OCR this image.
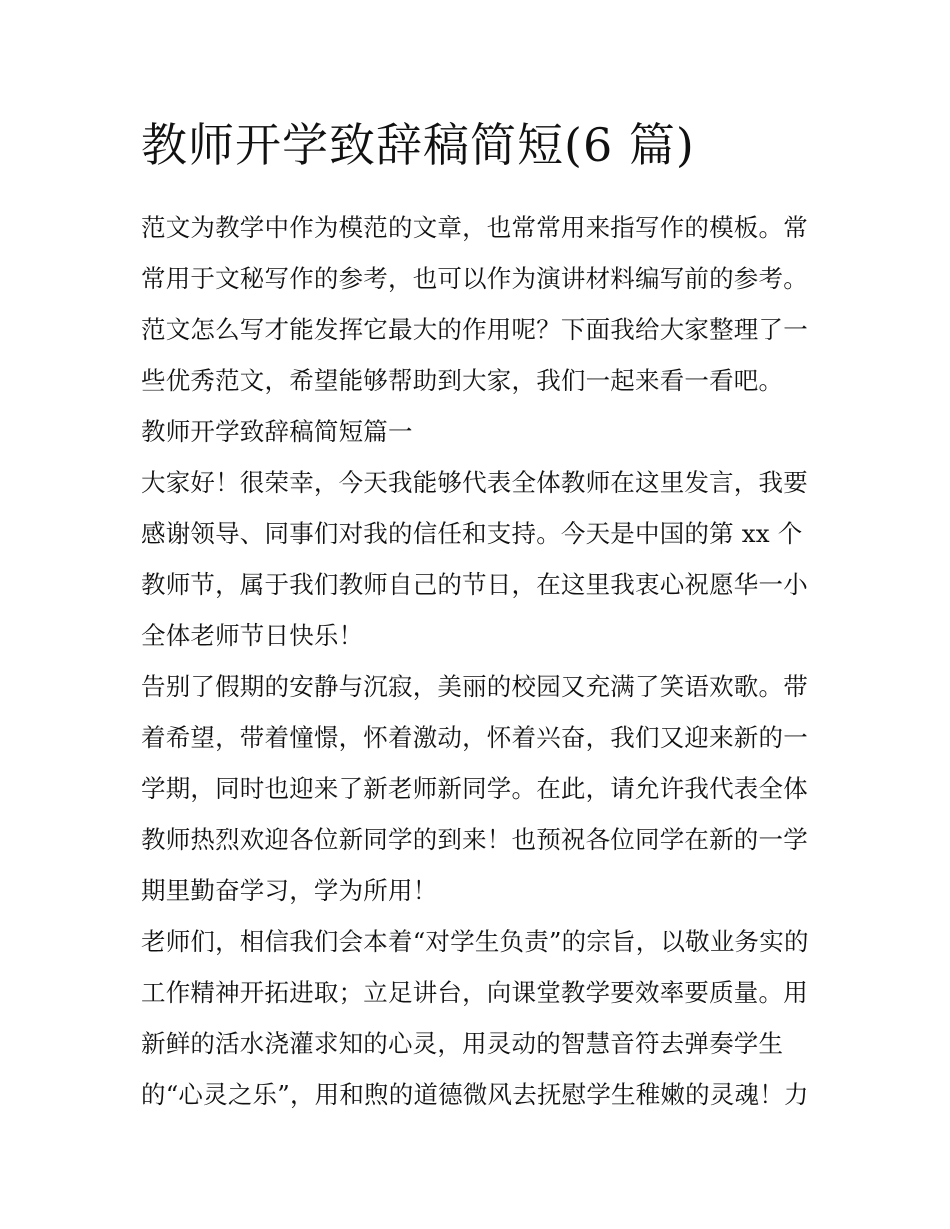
教师开学致辞稿简短(6 篇)
范文为教学中作为模范的文章，也常常用来指写作的模板。常
常用于文秘写作的参考，也可以作为演讲材料编写前的参考。
范文怎么写才能发挥它最大的作用呢？下面我给大家整理了一
些优秀范文，希望能够帮助到大家，我们一起来看一看吧。
教师开学致辞稿简短篇一
大家好！很荣幸，今天我能够代表全体教师在这里发言，我要
感谢领导、同事们对我的信任和支持。今天是中国的第 xx 个
教师节，属于我们教师自己的节日，在这里我衷心祝愿华一小
全体老师节日快乐！
告别了假期的安静与沉寂，美丽的校园又充满了笑语欢歌。带
着希望，带着憧憬，怀着激动，怀着兴奋，我们又迎来新的一
学期，同时也迎来了新老师新同学。在此，请允许我代表全体
教师热烈欢迎各位新同学的到来！也预祝各位同学在新的一学
期里勤奋学习，学为所用！
老师们，相信我们会本着“对学生负责”的宗旨，以敬业务实的
工作精神开拓进取；立足讲台，向课堂教学要效率要质量。用
新鲜的活水浇灌求知的心灵，用灵动的智慧音符去弹奏学生
的“心灵之乐”，用和煦的道德微风去抚慰学生稚嫩的灵魂！力
